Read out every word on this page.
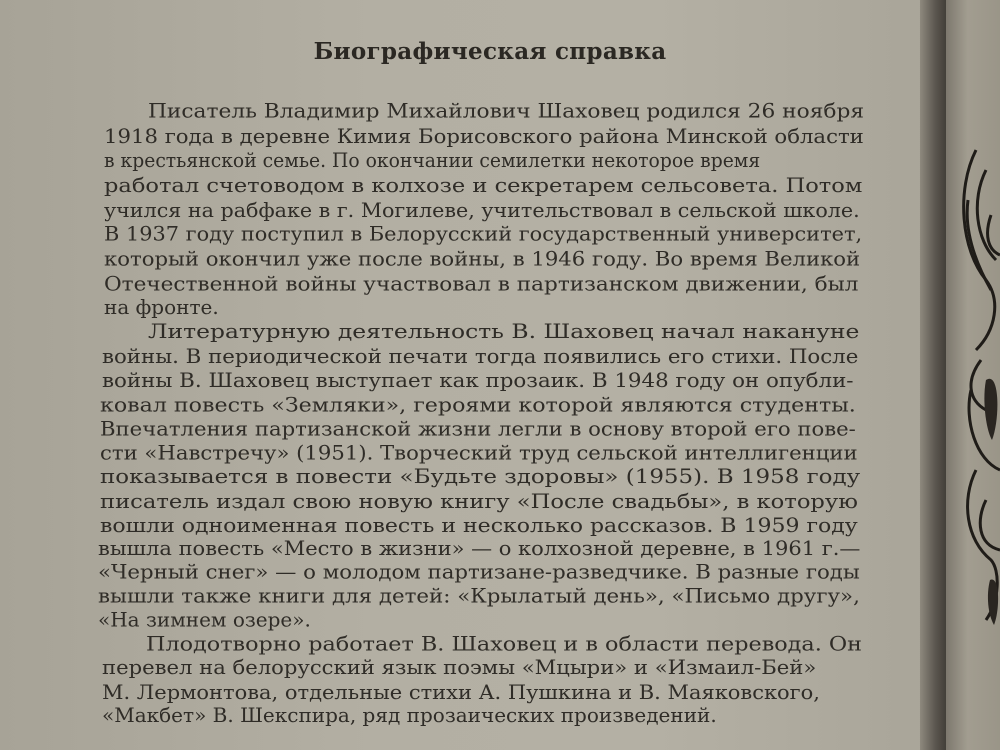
Биографическая справка
Писатель Владимир Михайлович Шаховец родился 26 ноября
1918 года в деревне Кимия Борисовского района Минской области
в крестьянской семье. По окончании семилетки некоторое время
работал счетоводом в колхозе и секретарем сельсовета. Потом
учился на рабфаке в г. Могилеве, учительствовал в сельской школе.
В 1937 году поступил в Белорусский государственный университет,
который окончил уже после войны, в 1946 году. Во время Великой
Отечественной войны участвовал в партизанском движении, был
на фронте.
Литературную деятельность В. Шаховец начал накануне
войны. В периодической печати тогда появились его стихи. После
войны В. Шаховец выступает как прозаик. В 1948 году он опубли-
ковал повесть «Земляки», героями которой являются студенты.
Впечатления партизанской жизни легли в основу второй его пове-
сти «Навстречу» (1951). Творческий труд сельской интеллигенции
показывается в повести «Будьте здоровы» (1955). В 1958 году
писатель издал свою новую книгу «После свадьбы», в которую
вошли одноименная повесть и несколько рассказов. В 1959 году
вышла повесть «Место в жизни» — о колхозной деревне, в 1961 г.—
«Черный снег» — о молодом партизане-разведчике. В разные годы
вышли также книги для детей: «Крылатый день», «Письмо другу»,
«На зимнем озере».
Плодотворно работает В. Шаховец и в области перевода. Он
перевел на белорусский язык поэмы «Мцыри» и «Измаил-Бей»
М. Лермонтова, отдельные стихи А. Пушкина и В. Маяковского,
«Макбет» В. Шекспира, ряд прозаических произведений.
